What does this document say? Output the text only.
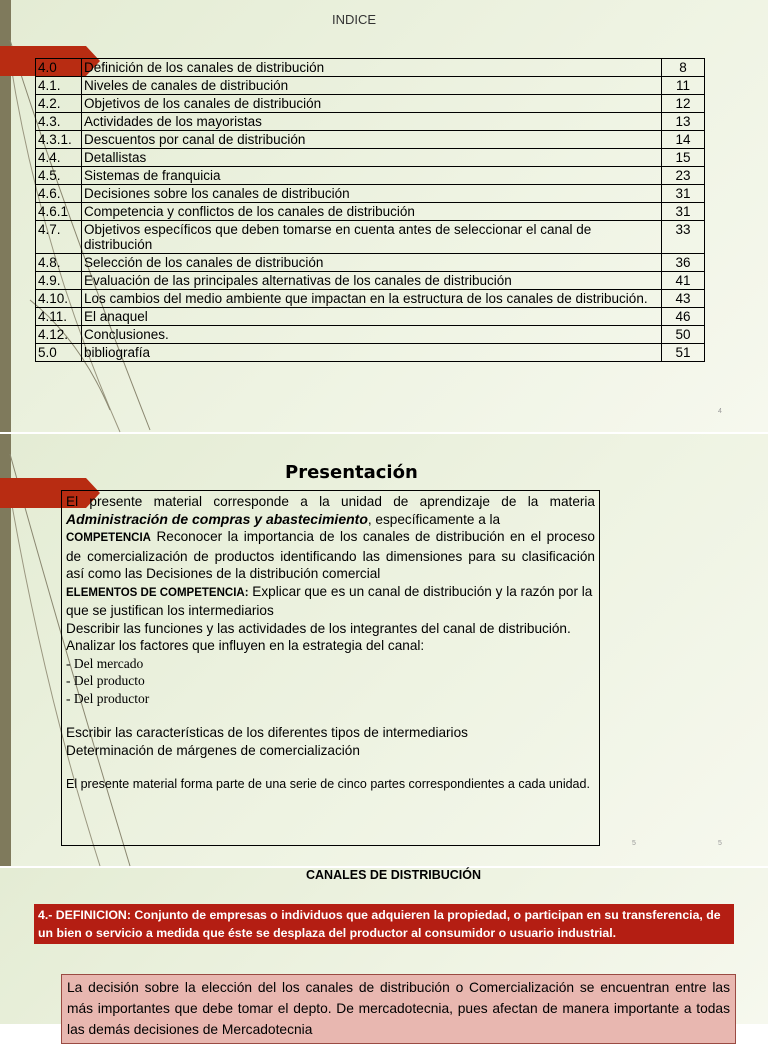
INDICE
4.0	Definición de los canales de distribución	8
4.1.	Niveles de canales de distribución	11
4.2.	Objetivos de los canales de distribución	12
4.3.	Actividades de los mayoristas	13
4.3.1.	Descuentos por canal de distribución	14
4.4.	Detallistas	15
4.5.	Sistemas de franquicia	23
4.6.	Decisiones sobre los canales de distribución	31
4.6.1	Competencia y conflictos de los canales de distribución	31
4.7.	Objetivos específicos que deben tomarse en cuenta antes de seleccionar el canal de distribución	33
4.8.	Selección de los canales de distribución	36
4.9.	Evaluación de las principales alternativas de los canales de distribución	41
4.10.	Los cambios del medio ambiente que impactan en la estructura de los canales de distribución.	43
4.11.	El anaquel	46
4.12.	Conclusiones.	50
5.0	bibliografía	51
4
Presentación

El presente material corresponde a la unidad de aprendizaje de la materia Administración de compras y abastecimiento, específicamente a la

COMPETENCIA Reconocer la importancia de los canales de distribución en el proceso de comercialización de productos identificando las dimensiones para su clasificación así como las Decisiones de la distribución comercial

ELEMENTOS DE COMPETENCIA: Explicar que es un canal de distribución y la razón por la que se justifican los intermediarios

Describir las funciones y las actividades de los integrantes del canal de distribución.

Analizar los factores que influyen en la estrategia del canal:

- Del mercado

- Del producto

- Del productor

Escribir las características de los diferentes tipos de intermediarios

Determinación de márgenes de comercialización

El presente material forma parte de una serie de cinco partes correspondientes a cada unidad.

5	5
CANALES DE DISTRIBUCIÓN
4.- DEFINICION: Conjunto de empresas o individuos que adquieren la propiedad, o participan en su transferencia, de un bien o servicio a medida que éste se desplaza del productor al consumidor o usuario industrial.
La decisión sobre la elección del los canales de distribución o Comercialización se encuentran entre las más importantes que debe tomar el depto. De mercadotecnia, pues afectan de manera importante a todas las demás decisiones de Mercadotecnia
